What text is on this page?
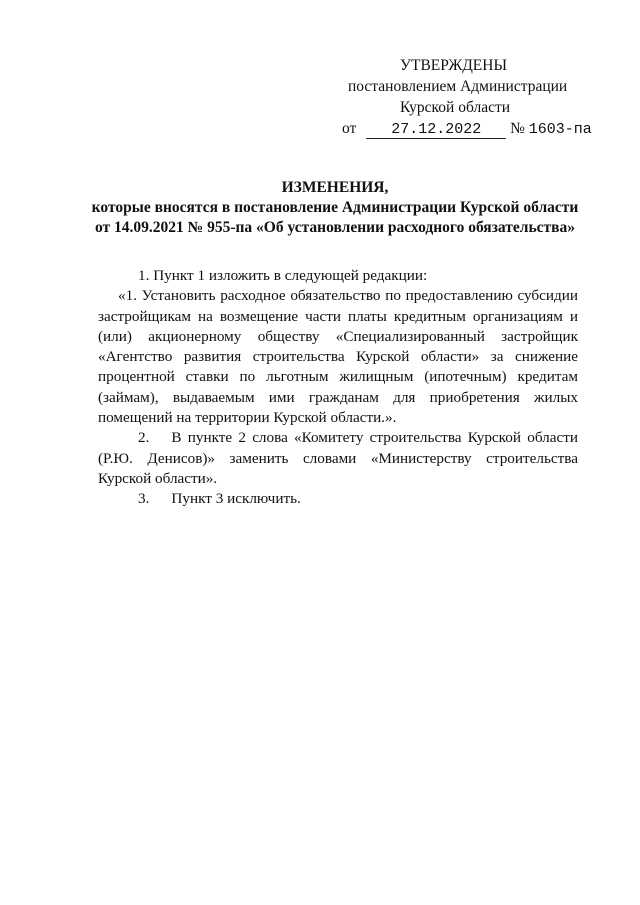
УТВЕРЖДЕНЫ
постановлением Администрации
Курской области
от 27.12.2022 № 1603-па
ИЗМЕНЕНИЯ,
которые вносятся в постановление Администрации Курской области
от 14.09.2021 № 955-па «Об установлении расходного обязательства»

1. Пункт 1 изложить в следующей редакции:

«1. Установить расходное обязательство по предоставлению субсидии застройщикам на возмещение части платы кредитным организациям и (или) акционерному обществу «Специализированный застройщик «Агентство развития строительства Курской области» за снижение процентной ставки по льготным жилищным (ипотечным) кредитам (займам), выдаваемым ими гражданам для приобретения жилых помещений на территории Курской области.».

2. В пункте 2 слова «Комитету строительства Курской области (Р.Ю. Денисов)» заменить словами «Министерству строительства Курской области».

3. Пункт 3 исключить.
